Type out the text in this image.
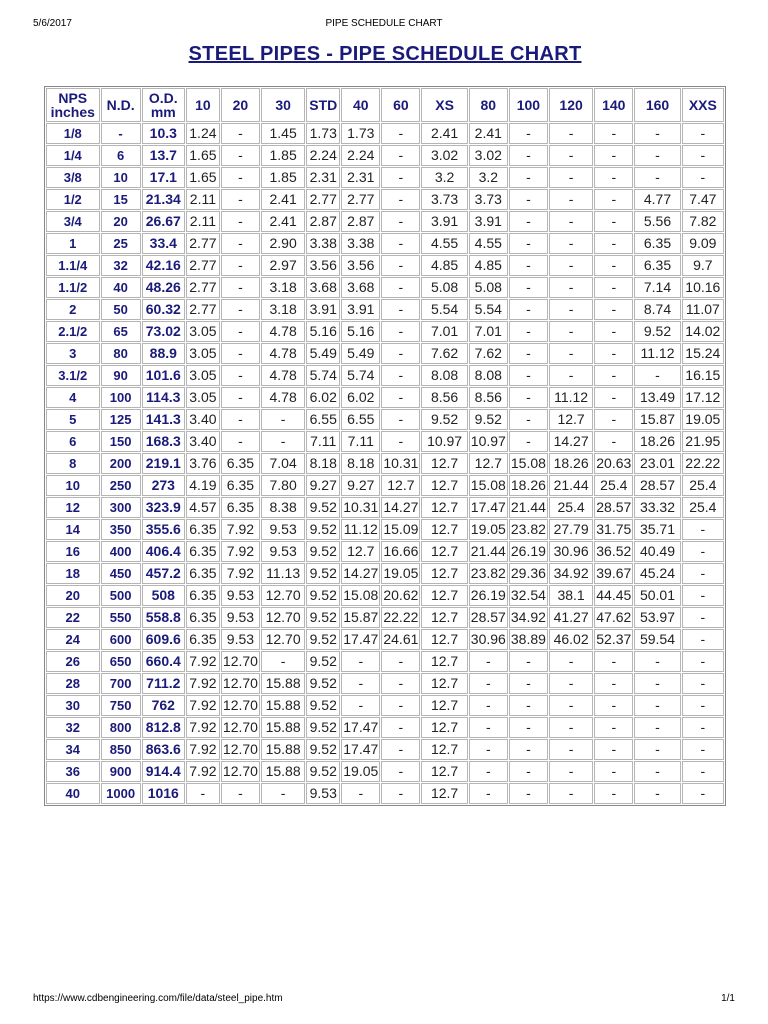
5/6/2017	PIPE SCHEDULE CHART
STEEL PIPES - PIPE SCHEDULE CHART
NPS
inches	N.D.	O.D.
mm	10	20	30	STD	40	60	XS	80	100	120	140	160	XXS
1/8	-	10.3	1.24	-	1.45	1.73	1.73	-	2.41	2.41	-	-	-	-	-
1/4	6	13.7	1.65	-	1.85	2.24	2.24	-	3.02	3.02	-	-	-	-	-
3/8	10	17.1	1.65	-	1.85	2.31	2.31	-	3.2	3.2	-	-	-	-	-
1/2	15	21.34	2.11	-	2.41	2.77	2.77	-	3.73	3.73	-	-	-	4.77	7.47
3/4	20	26.67	2.11	-	2.41	2.87	2.87	-	3.91	3.91	-	-	-	5.56	7.82
1	25	33.4	2.77	-	2.90	3.38	3.38	-	4.55	4.55	-	-	-	6.35	9.09
1.1/4	32	42.16	2.77	-	2.97	3.56	3.56	-	4.85	4.85	-	-	-	6.35	9.7
1.1/2	40	48.26	2.77	-	3.18	3.68	3.68	-	5.08	5.08	-	-	-	7.14	10.16
2	50	60.32	2.77	-	3.18	3.91	3.91	-	5.54	5.54	-	-	-	8.74	11.07
2.1/2	65	73.02	3.05	-	4.78	5.16	5.16	-	7.01	7.01	-	-	-	9.52	14.02
3	80	88.9	3.05	-	4.78	5.49	5.49	-	7.62	7.62	-	-	-	11.12	15.24
3.1/2	90	101.6	3.05	-	4.78	5.74	5.74	-	8.08	8.08	-	-	-	-	16.15
4	100	114.3	3.05	-	4.78	6.02	6.02	-	8.56	8.56	-	11.12	-	13.49	17.12
5	125	141.3	3.40	-	-	6.55	6.55	-	9.52	9.52	-	12.7	-	15.87	19.05
6	150	168.3	3.40	-	-	7.11	7.11	-	10.97	10.97	-	14.27	-	18.26	21.95
8	200	219.1	3.76	6.35	7.04	8.18	8.18	10.31	12.7	12.7	15.08	18.26	20.63	23.01	22.22
10	250	273	4.19	6.35	7.80	9.27	9.27	12.7	12.7	15.08	18.26	21.44	25.4	28.57	25.4
12	300	323.9	4.57	6.35	8.38	9.52	10.31	14.27	12.7	17.47	21.44	25.4	28.57	33.32	25.4
14	350	355.6	6.35	7.92	9.53	9.52	11.12	15.09	12.7	19.05	23.82	27.79	31.75	35.71	-
16	400	406.4	6.35	7.92	9.53	9.52	12.7	16.66	12.7	21.44	26.19	30.96	36.52	40.49	-
18	450	457.2	6.35	7.92	11.13	9.52	14.27	19.05	12.7	23.82	29.36	34.92	39.67	45.24	-
20	500	508	6.35	9.53	12.70	9.52	15.08	20.62	12.7	26.19	32.54	38.1	44.45	50.01	-
22	550	558.8	6.35	9.53	12.70	9.52	15.87	22.22	12.7	28.57	34.92	41.27	47.62	53.97	-
24	600	609.6	6.35	9.53	12.70	9.52	17.47	24.61	12.7	30.96	38.89	46.02	52.37	59.54	-
26	650	660.4	7.92	12.70	-	9.52	-	-	12.7	-	-	-	-	-	-
28	700	711.2	7.92	12.70	15.88	9.52	-	-	12.7	-	-	-	-	-	-
30	750	762	7.92	12.70	15.88	9.52	-	-	12.7	-	-	-	-	-	-
32	800	812.8	7.92	12.70	15.88	9.52	17.47	-	12.7	-	-	-	-	-	-
34	850	863.6	7.92	12.70	15.88	9.52	17.47	-	12.7	-	-	-	-	-	-
36	900	914.4	7.92	12.70	15.88	9.52	19.05	-	12.7	-	-	-	-	-	-
40	1000	1016	-	-	-	9.53	-	-	12.7	-	-	-	-	-	-
https://www.cdbengineering.com/file/data/steel_pipe.htm	1/1
